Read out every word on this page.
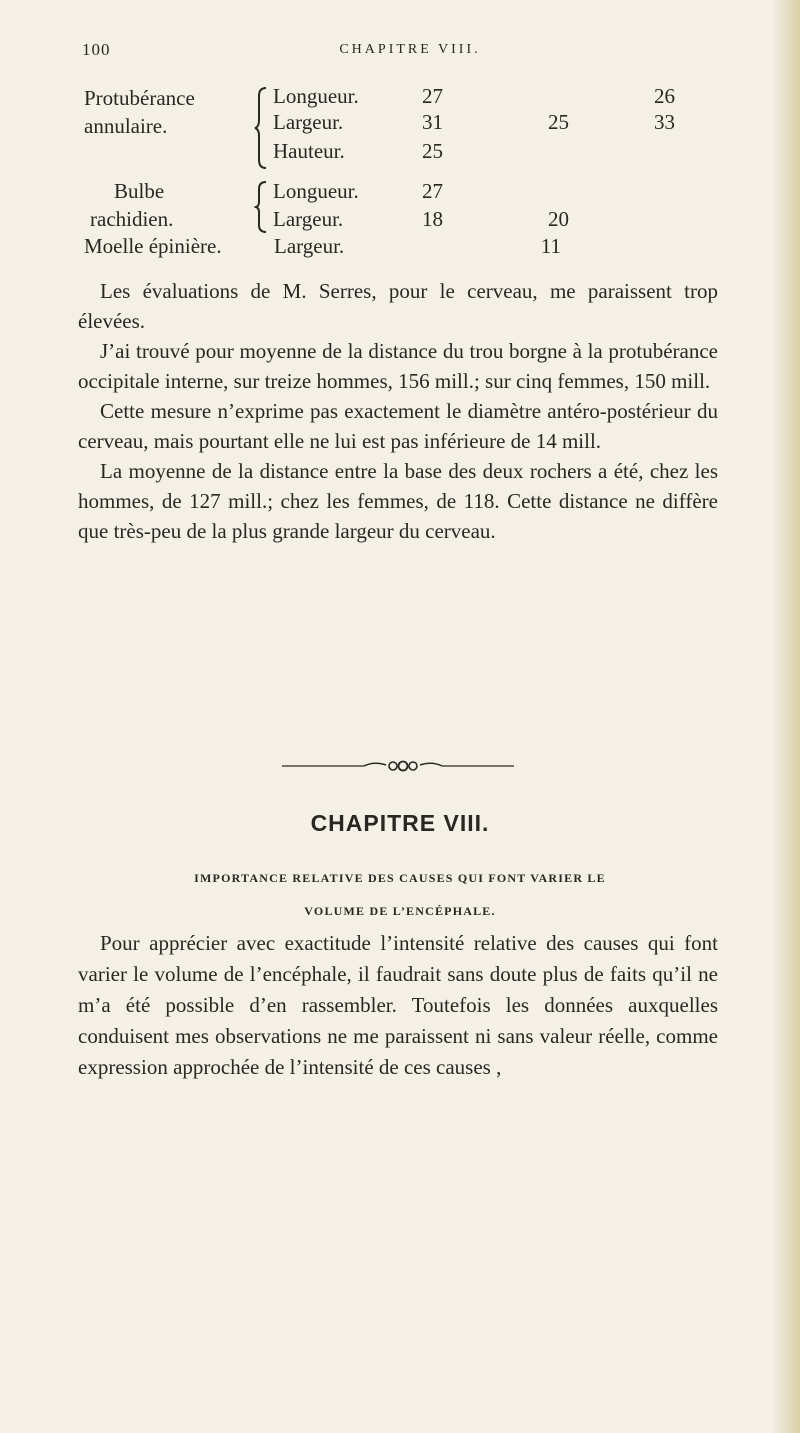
100	CHAPITRE VIII.
Protubérance
annulaire.
Bulbe
rachidien.
Moelle épinière.
Longueur.
Largeur.
Hauteur.
Longueur.
Largeur.
Largeur.
27
31
25
27
18
25
20
11
26
33

Les évaluations de M. Serres, pour le cerveau, me paraissent trop élevées.

J’ai trouvé pour moyenne de la distance du trou borgne à la protubérance occipitale interne, sur treize hommes, 156 mill.; sur cinq femmes, 150 mill.

Cette mesure n’exprime pas exactement le diamètre antéro-postérieur du cerveau, mais pourtant elle ne lui est pas inférieure de 14 mill.

La moyenne de la distance entre la base des deux rochers a été, chez les hommes, de 127 mill.; chez les femmes, de 118. Cette distance ne diffère que très-peu de la plus grande largeur du cerveau.

CHAPITRE VIII.
IMPORTANCE RELATIVE DES CAUSES QUI FONT VARIER LE
VOLUME DE L’ENCÉPHALE.

Pour apprécier avec exactitude l’intensité relative des causes qui font varier le volume de l’encéphale, il faudrait sans doute plus de faits qu’il ne m’a été possible d’en rassembler. Toutefois les données auxquelles conduisent mes observations ne me paraissent ni sans valeur réelle, comme expression approchée de l’intensité de ces causes ,
